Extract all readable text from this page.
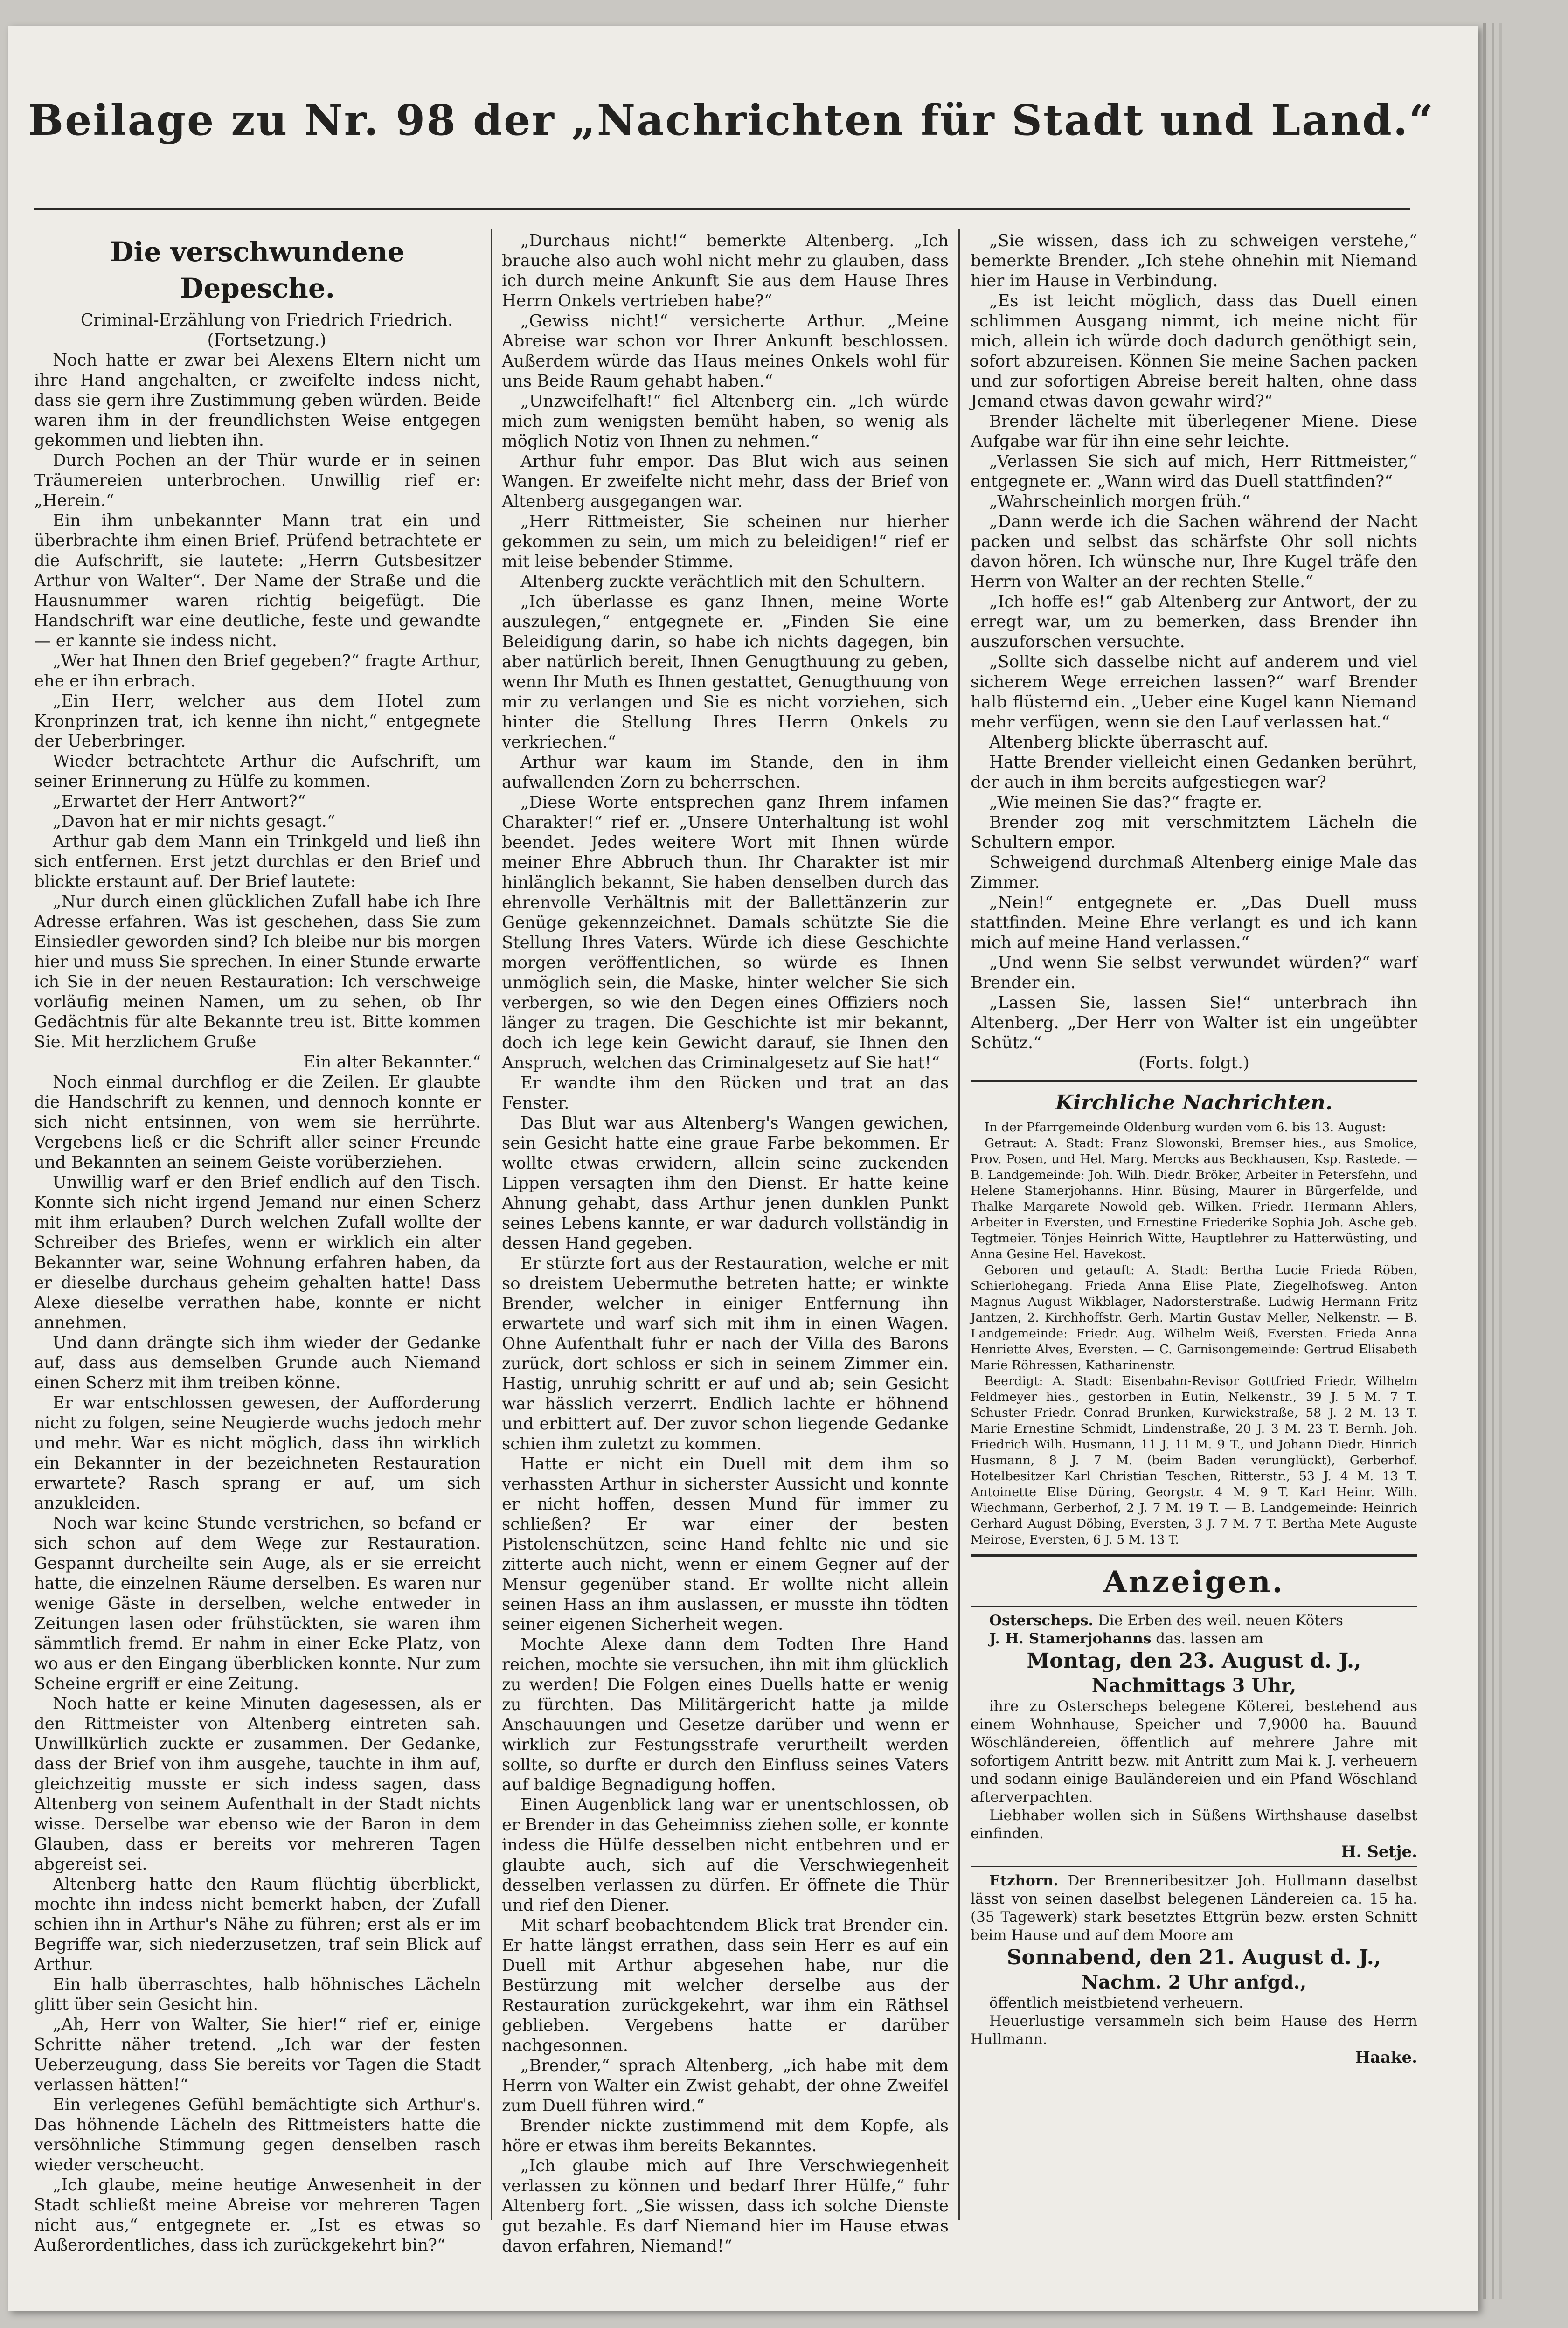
Beilage zu Nr. 98 der „Nachrichten für Stadt und Land.“
Die verschwundene Depesche.

Criminal-Erzählung von Friedrich Friedrich.

(Fortsetzung.)

Noch hatte er zwar bei Alexens Eltern nicht um ihre Hand angehalten, er zweifelte indess nicht, dass sie gern ihre Zustimmung geben würden. Beide waren ihm in der freundlichsten Weise entgegen gekommen und liebten ihn.

Durch Pochen an der Thür wurde er in seinen Träumereien unterbrochen. Unwillig rief er: „Herein.“

Ein ihm unbekannter Mann trat ein und überbrachte ihm einen Brief. Prüfend betrachtete er die Aufschrift, sie lautete: „Herrn Gutsbesitzer Arthur von Walter“. Der Name der Straße und die Hausnummer waren richtig beigefügt. Die Handschrift war eine deutliche, feste und gewandte — er kannte sie indess nicht.

„Wer hat Ihnen den Brief gegeben?“ fragte Arthur, ehe er ihn erbrach.

„Ein Herr, welcher aus dem Hotel zum Kronprinzen trat, ich kenne ihn nicht,“ entgegnete der Ueberbringer.

Wieder betrachtete Arthur die Aufschrift, um seiner Erinnerung zu Hülfe zu kommen.

„Erwartet der Herr Antwort?“

„Davon hat er mir nichts gesagt.“

Arthur gab dem Mann ein Trinkgeld und ließ ihn sich entfernen. Erst jetzt durchlas er den Brief und blickte erstaunt auf. Der Brief lautete:

„Nur durch einen glücklichen Zufall habe ich Ihre Adresse erfahren. Was ist geschehen, dass Sie zum Einsiedler geworden sind? Ich bleibe nur bis morgen hier und muss Sie sprechen. In einer Stunde erwarte ich Sie in der neuen Restauration: Ich verschweige vorläufig meinen Namen, um zu sehen, ob Ihr Gedächtnis für alte Bekannte treu ist. Bitte kommen Sie. Mit herzlichem Gruße

Ein alter Bekannter.“

Noch einmal durchflog er die Zeilen. Er glaubte die Handschrift zu kennen, und dennoch konnte er sich nicht entsinnen, von wem sie herrührte. Vergebens ließ er die Schrift aller seiner Freunde und Bekannten an seinem Geiste vorüberziehen.

Unwillig warf er den Brief endlich auf den Tisch. Konnte sich nicht irgend Jemand nur einen Scherz mit ihm erlauben? Durch welchen Zufall wollte der Schreiber des Briefes, wenn er wirklich ein alter Bekannter war, seine Wohnung erfahren haben, da er dieselbe durchaus geheim gehalten hatte! Dass Alexe dieselbe verrathen habe, konnte er nicht annehmen.

Und dann drängte sich ihm wieder der Gedanke auf, dass aus demselben Grunde auch Niemand einen Scherz mit ihm treiben könne.

Er war entschlossen gewesen, der Aufforderung nicht zu folgen, seine Neugierde wuchs jedoch mehr und mehr. War es nicht möglich, dass ihn wirklich ein Bekannter in der bezeichneten Restauration erwartete? Rasch sprang er auf, um sich anzukleiden.

Noch war keine Stunde verstrichen, so befand er sich schon auf dem Wege zur Restauration. Gespannt durcheilte sein Auge, als er sie erreicht hatte, die einzelnen Räume derselben. Es waren nur wenige Gäste in derselben, welche entweder in Zeitungen lasen oder frühstückten, sie waren ihm sämmtlich fremd. Er nahm in einer Ecke Platz, von wo aus er den Eingang überblicken konnte. Nur zum Scheine ergriff er eine Zeitung.

Noch hatte er keine Minuten dagesessen, als er den Rittmeister von Altenberg eintreten sah. Unwillkürlich zuckte er zusammen. Der Gedanke, dass der Brief von ihm ausgehe, tauchte in ihm auf, gleichzeitig musste er sich indess sagen, dass Altenberg von seinem Aufenthalt in der Stadt nichts wisse. Derselbe war ebenso wie der Baron in dem Glauben, dass er bereits vor mehreren Tagen abgereist sei.

Altenberg hatte den Raum flüchtig überblickt, mochte ihn indess nicht bemerkt haben, der Zufall schien ihn in Arthur's Nähe zu führen; erst als er im Begriffe war, sich niederzusetzen, traf sein Blick auf Arthur.

Ein halb überraschtes, halb höhnisches Lächeln glitt über sein Gesicht hin.

„Ah, Herr von Walter, Sie hier!“ rief er, einige Schritte näher tretend. „Ich war der festen Ueberzeugung, dass Sie bereits vor Tagen die Stadt verlassen hätten!“

Ein verlegenes Gefühl bemächtigte sich Arthur's. Das höhnende Lächeln des Rittmeisters hatte die versöhnliche Stimmung gegen denselben rasch wieder verscheucht.

„Ich glaube, meine heutige Anwesenheit in der Stadt schließt meine Abreise vor mehreren Tagen nicht aus,“ entgegnete er. „Ist es etwas so Außerordentliches, dass ich zurückgekehrt bin?“

„Durchaus nicht!“ bemerkte Altenberg. „Ich brauche also auch wohl nicht mehr zu glauben, dass ich durch meine Ankunft Sie aus dem Hause Ihres Herrn Onkels vertrieben habe?“

„Gewiss nicht!“ versicherte Arthur. „Meine Abreise war schon vor Ihrer Ankunft beschlossen. Außerdem würde das Haus meines Onkels wohl für uns Beide Raum gehabt haben.“

„Unzweifelhaft!“ fiel Altenberg ein. „Ich würde mich zum wenigsten bemüht haben, so wenig als möglich Notiz von Ihnen zu nehmen.“

Arthur fuhr empor. Das Blut wich aus seinen Wangen. Er zweifelte nicht mehr, dass der Brief von Altenberg ausgegangen war.

„Herr Rittmeister, Sie scheinen nur hierher gekommen zu sein, um mich zu beleidigen!“ rief er mit leise bebender Stimme.

Altenberg zuckte verächtlich mit den Schultern.

„Ich überlasse es ganz Ihnen, meine Worte auszulegen,“ entgegnete er. „Finden Sie eine Beleidigung darin, so habe ich nichts dagegen, bin aber natürlich bereit, Ihnen Genugthuung zu geben, wenn Ihr Muth es Ihnen gestattet, Genugthuung von mir zu verlangen und Sie es nicht vorziehen, sich hinter die Stellung Ihres Herrn Onkels zu verkriechen.“

Arthur war kaum im Stande, den in ihm aufwallenden Zorn zu beherrschen.

„Diese Worte entsprechen ganz Ihrem infamen Charakter!“ rief er. „Unsere Unterhaltung ist wohl beendet. Jedes weitere Wort mit Ihnen würde meiner Ehre Abbruch thun. Ihr Charakter ist mir hinlänglich bekannt, Sie haben denselben durch das ehrenvolle Verhältnis mit der Ballettänzerin zur Genüge gekennzeichnet. Damals schützte Sie die Stellung Ihres Vaters. Würde ich diese Geschichte morgen veröffentlichen, so würde es Ihnen unmöglich sein, die Maske, hinter welcher Sie sich verbergen, so wie den Degen eines Offiziers noch länger zu tragen. Die Geschichte ist mir bekannt, doch ich lege kein Gewicht darauf, sie Ihnen den Anspruch, welchen das Criminalgesetz auf Sie hat!“

Er wandte ihm den Rücken und trat an das Fenster.

Das Blut war aus Altenberg's Wangen gewichen, sein Gesicht hatte eine graue Farbe bekommen. Er wollte etwas erwidern, allein seine zuckenden Lippen versagten ihm den Dienst. Er hatte keine Ahnung gehabt, dass Arthur jenen dunklen Punkt seines Lebens kannte, er war dadurch vollständig in dessen Hand gegeben.

Er stürzte fort aus der Restauration, welche er mit so dreistem Uebermuthe betreten hatte; er winkte Brender, welcher in einiger Entfernung ihn erwartete und warf sich mit ihm in einen Wagen. Ohne Aufenthalt fuhr er nach der Villa des Barons zurück, dort schloss er sich in seinem Zimmer ein. Hastig, unruhig schritt er auf und ab; sein Gesicht war hässlich verzerrt. Endlich lachte er höhnend und erbittert auf. Der zuvor schon liegende Gedanke schien ihm zuletzt zu kommen.

Hatte er nicht ein Duell mit dem ihm so verhassten Arthur in sicherster Aussicht und konnte er nicht hoffen, dessen Mund für immer zu schließen? Er war einer der besten Pistolenschützen, seine Hand fehlte nie und sie zitterte auch nicht, wenn er einem Gegner auf der Mensur gegenüber stand. Er wollte nicht allein seinen Hass an ihm auslassen, er musste ihn tödten seiner eigenen Sicherheit wegen.

Mochte Alexe dann dem Todten Ihre Hand reichen, mochte sie versuchen, ihn mit ihm glücklich zu werden! Die Folgen eines Duells hatte er wenig zu fürchten. Das Militärgericht hatte ja milde Anschauungen und Gesetze darüber und wenn er wirklich zur Festungsstrafe verurtheilt werden sollte, so durfte er durch den Einfluss seines Vaters auf baldige Begnadigung hoffen.

Einen Augenblick lang war er unentschlossen, ob er Brender in das Geheimniss ziehen solle, er konnte indess die Hülfe desselben nicht entbehren und er glaubte auch, sich auf die Verschwiegenheit desselben verlassen zu dürfen. Er öffnete die Thür und rief den Diener.

Mit scharf beobachtendem Blick trat Brender ein. Er hatte längst errathen, dass sein Herr es auf ein Duell mit Arthur abgesehen habe, nur die Bestürzung mit welcher derselbe aus der Restauration zurückgekehrt, war ihm ein Räthsel geblieben. Vergebens hatte er darüber nachgesonnen.

„Brender,“ sprach Altenberg, „ich habe mit dem Herrn von Walter ein Zwist gehabt, der ohne Zweifel zum Duell führen wird.“

Brender nickte zustimmend mit dem Kopfe, als höre er etwas ihm bereits Bekanntes.

„Ich glaube mich auf Ihre Verschwiegenheit verlassen zu können und bedarf Ihrer Hülfe,“ fuhr Altenberg fort. „Sie wissen, dass ich solche Dienste gut bezahle. Es darf Niemand hier im Hause etwas davon erfahren, Niemand!“

„Sie wissen, dass ich zu schweigen verstehe,“ bemerkte Brender. „Ich stehe ohnehin mit Niemand hier im Hause in Verbindung.

„Es ist leicht möglich, dass das Duell einen schlimmen Ausgang nimmt, ich meine nicht für mich, allein ich würde doch dadurch genöthigt sein, sofort abzureisen. Können Sie meine Sachen packen und zur sofortigen Abreise bereit halten, ohne dass Jemand etwas davon gewahr wird?“

Brender lächelte mit überlegener Miene. Diese Aufgabe war für ihn eine sehr leichte.

„Verlassen Sie sich auf mich, Herr Rittmeister,“ entgegnete er. „Wann wird das Duell stattfinden?“

„Wahrscheinlich morgen früh.“

„Dann werde ich die Sachen während der Nacht packen und selbst das schärfste Ohr soll nichts davon hören. Ich wünsche nur, Ihre Kugel träfe den Herrn von Walter an der rechten Stelle.“

„Ich hoffe es!“ gab Altenberg zur Antwort, der zu erregt war, um zu bemerken, dass Brender ihn auszuforschen versuchte.

„Sollte sich dasselbe nicht auf anderem und viel sicherem Wege erreichen lassen?“ warf Brender halb flüsternd ein. „Ueber eine Kugel kann Niemand mehr verfügen, wenn sie den Lauf verlassen hat.“

Altenberg blickte überrascht auf.

Hatte Brender vielleicht einen Gedanken berührt, der auch in ihm bereits aufgestiegen war?

„Wie meinen Sie das?“ fragte er.

Brender zog mit verschmitztem Lächeln die Schultern empor.

Schweigend durchmaß Altenberg einige Male das Zimmer.

„Nein!“ entgegnete er. „Das Duell muss stattfinden. Meine Ehre verlangt es und ich kann mich auf meine Hand verlassen.“

„Und wenn Sie selbst verwundet würden?“ warf Brender ein.

„Lassen Sie, lassen Sie!“ unterbrach ihn Altenberg. „Der Herr von Walter ist ein ungeübter Schütz.“

(Forts. folgt.)

Kirchliche Nachrichten.

In der Pfarrgemeinde Oldenburg wurden vom 6. bis 13. August:

Getraut: A. Stadt: Franz Slowonski, Bremser hies., aus Smolice, Prov. Posen, und Hel. Marg. Mercks aus Beckhausen, Ksp. Rastede. — B. Landgemeinde: Joh. Wilh. Diedr. Bröker, Arbeiter in Petersfehn, und Helene Stamerjohanns. Hinr. Büsing, Maurer in Bürgerfelde, und Thalke Margarete Nowold geb. Wilken. Friedr. Hermann Ahlers, Arbeiter in Eversten, und Ernestine Friederike Sophia Joh. Asche geb. Tegtmeier. Tönjes Heinrich Witte, Hauptlehrer zu Hatterwüsting, und Anna Gesine Hel. Havekost.

Geboren und getauft: A. Stadt: Bertha Lucie Frieda Röben, Schierlohegang. Frieda Anna Elise Plate, Ziegelhofsweg. Anton Magnus August Wikblager, Nadorsterstraße. Ludwig Hermann Fritz Jantzen, 2. Kirchhoffstr. Gerh. Martin Gustav Meller, Nelkenstr. — B. Landgemeinde: Friedr. Aug. Wilhelm Weiß, Eversten. Frieda Anna Henriette Alves, Eversten. — C. Garnisongemeinde: Gertrud Elisabeth Marie Röhressen, Katharinenstr.

Beerdigt: A. Stadt: Eisenbahn-Revisor Gottfried Friedr. Wilhelm Feldmeyer hies., gestorben in Eutin, Nelkenstr., 39 J. 5 M. 7 T. Schuster Friedr. Conrad Brunken, Kurwickstraße, 58 J. 2 M. 13 T. Marie Ernestine Schmidt, Lindenstraße, 20 J. 3 M. 23 T. Bernh. Joh. Friedrich Wilh. Husmann, 11 J. 11 M. 9 T., und Johann Diedr. Hinrich Husmann, 8 J. 7 M. (beim Baden verunglückt), Gerberhof. Hotelbesitzer Karl Christian Teschen, Ritterstr., 53 J. 4 M. 13 T. Antoinette Elise Düring, Georgstr. 4 M. 9 T. Karl Heinr. Wilh. Wiechmann, Gerberhof, 2 J. 7 M. 19 T. — B. Landgemeinde: Heinrich Gerhard August Döbing, Eversten, 3 J. 7 M. 7 T. Bertha Mete Auguste Meirose, Eversten, 6 J. 5 M. 13 T.

Anzeigen.

Osterscheps. Die Erben des weil. neuen Köters

J. H. Stamerjohanns das. lassen am

Montag, den 23. August d. J.,
Nachmittags 3 Uhr,

ihre zu Osterscheps belegene Köterei, bestehend aus einem Wohnhause, Speicher und 7,9000 ha. Bauund Wöschländereien, öffentlich auf mehrere Jahre mit sofortigem Antritt bezw. mit Antritt zum Mai k. J. verheuern und sodann einige Bauländereien und ein Pfand Wöschland afterverpachten.

Liebhaber wollen sich in Süßens Wirthshause daselbst einfinden.

H. Setje.

Etzhorn. Der Brenneribesitzer Joh. Hullmann daselbst lässt von seinen daselbst belegenen Ländereien ca. 15 ha. (35 Tagewerk) stark besetztes Ettgrün bezw. ersten Schnitt beim Hause und auf dem Moore am

Sonnabend, den 21. August d. J.,
Nachm. 2 Uhr anfgd.,

öffentlich meistbietend verheuern.

Heuerlustige versammeln sich beim Hause des Herrn Hullmann.

Haake.
